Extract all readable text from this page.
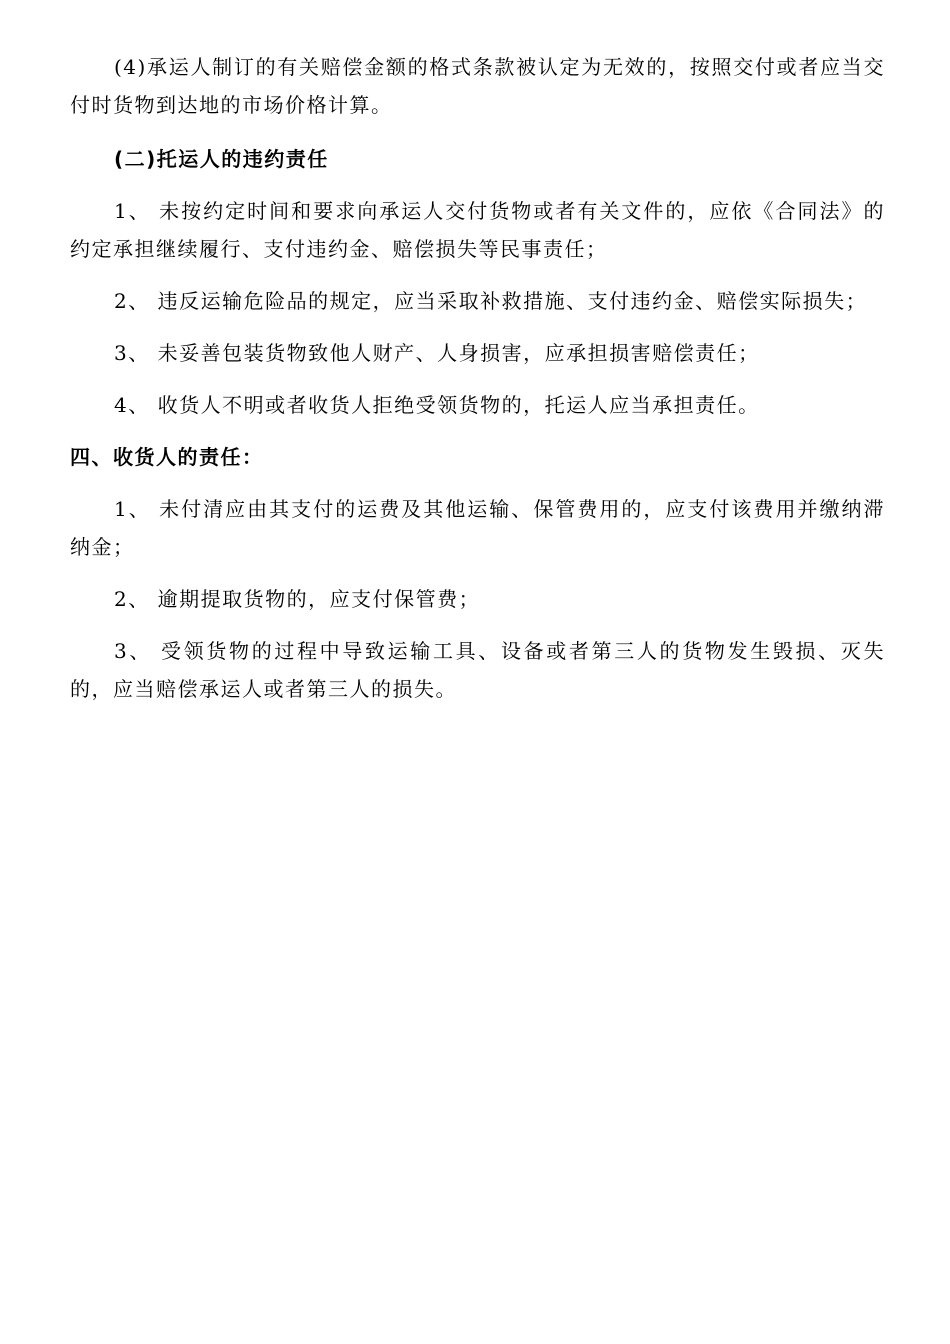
(4)承运人制订的有关赔偿金额的格式条款被认定为无效的，按照交付或者应当交付时货物到达地的市场价格计算。

(二)托运人的违约责任

1、 未按约定时间和要求向承运人交付货物或者有关文件的，应依《合同法》的约定承担继续履行、支付违约金、赔偿损失等民事责任；

2、 违反运输危险品的规定，应当采取补救措施、支付违约金、赔偿实际损失；

3、 未妥善包装货物致他人财产、人身损害，应承担损害赔偿责任；

4、 收货人不明或者收货人拒绝受领货物的，托运人应当承担责任。

四、收货人的责任：

1、 未付清应由其支付的运费及其他运输、保管费用的，应支付该费用并缴纳滞纳金；

2、 逾期提取货物的，应支付保管费；

3、 受领货物的过程中导致运输工具、设备或者第三人的货物发生毁损、灭失的，应当赔偿承运人或者第三人的损失。
